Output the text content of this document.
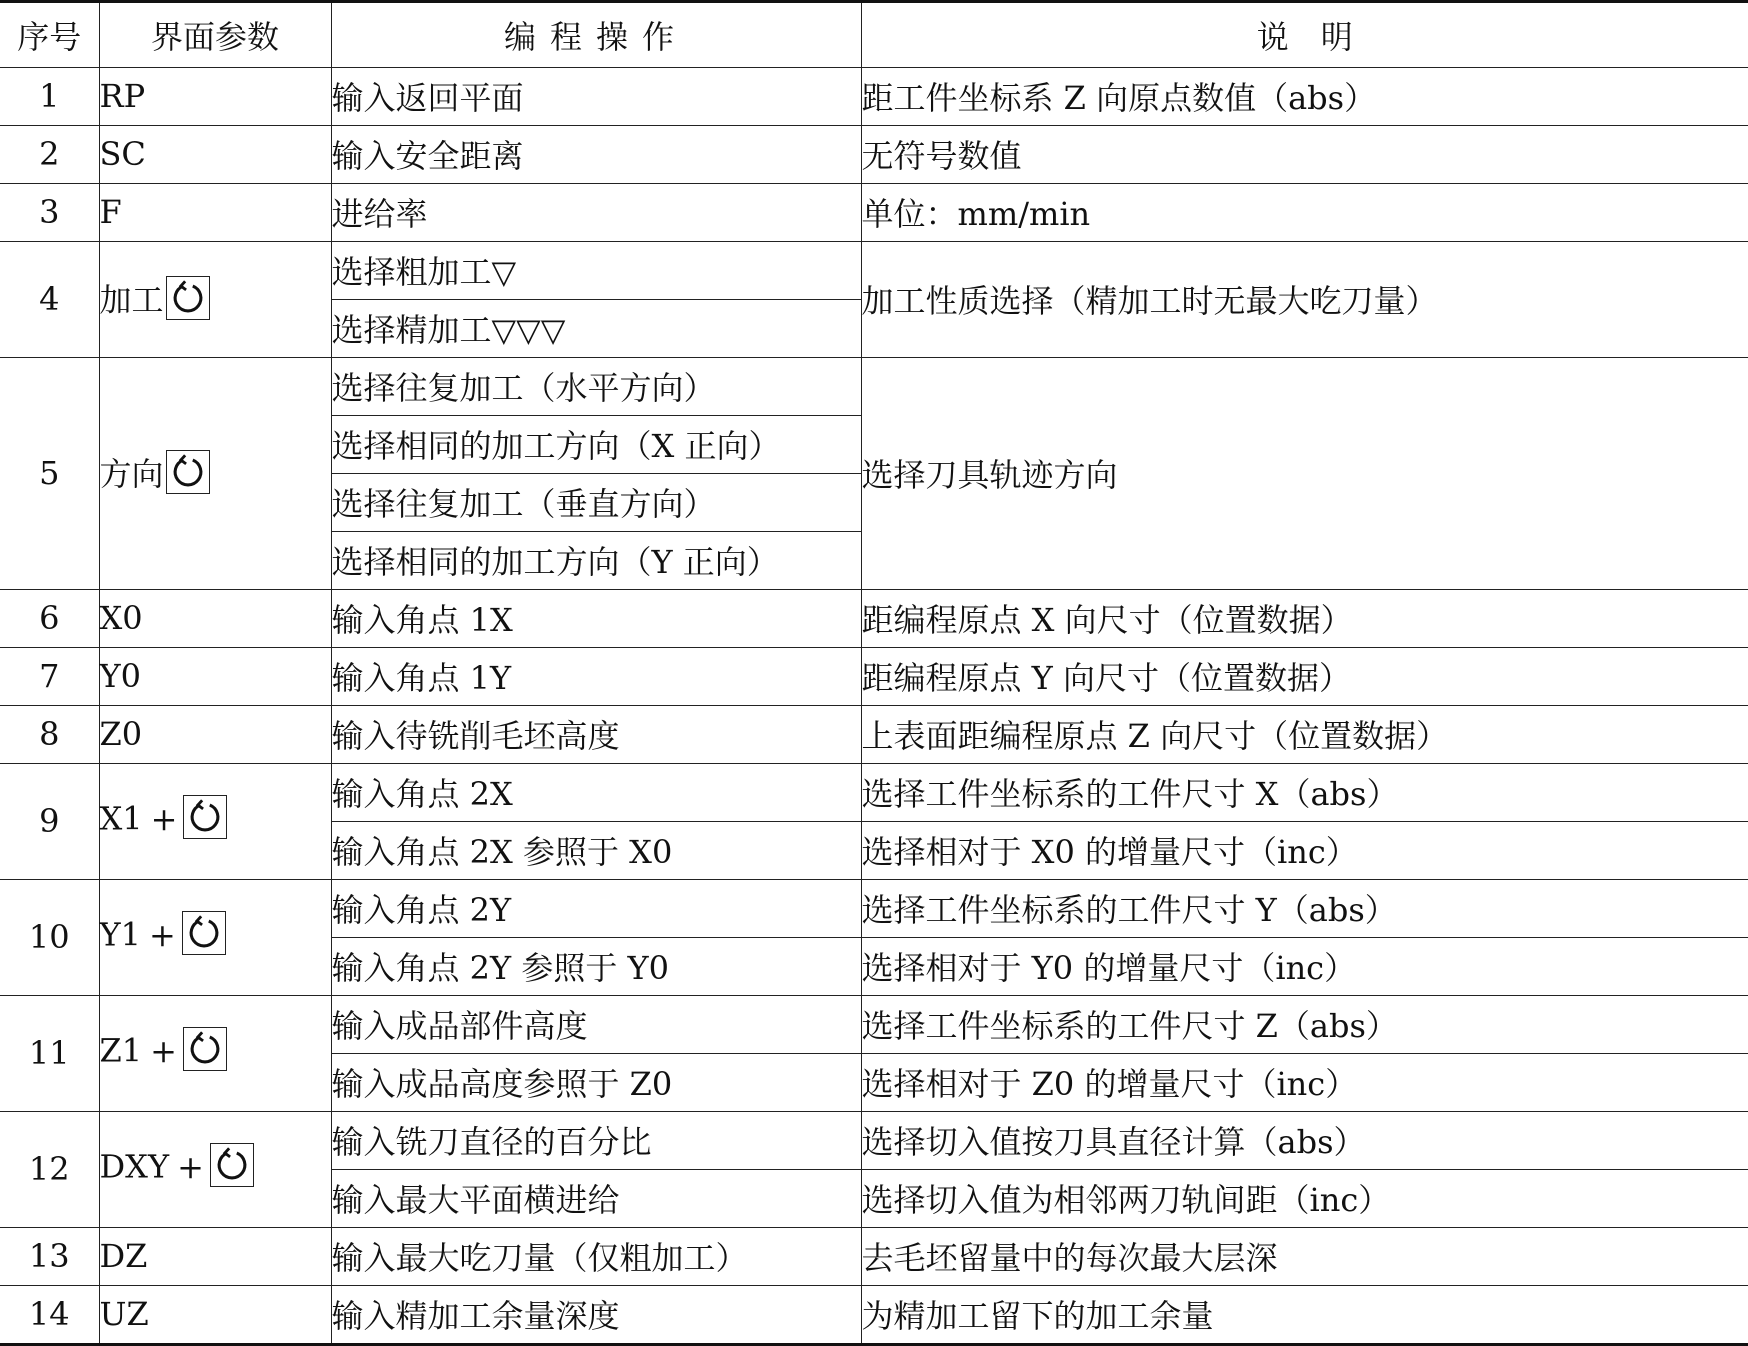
序号	界面参数	编程操作	说　明
1	RP	输入返回平面	距工件坐标系 Z 向原点数值（abs）
2	SC	输入安全距离	无符号数值
3	F	进给率	单位：mm/min
4	加工	选择粗加工▽	加工性质选择（精加工时无最大吃刀量）
		选择精加工▽▽▽	
5	方向	选择往复加工（水平方向）	选择刀具轨迹方向
		选择相同的加工方向（X 正向）	
		选择往复加工（垂直方向）	
		选择相同的加工方向（Y 正向）	
6	X0	输入角点 1X	距编程原点 X 向尺寸（位置数据）
7	Y0	输入角点 1Y	距编程原点 Y 向尺寸（位置数据）
8	Z0	输入待铣削毛坯高度	上表面距编程原点 Z 向尺寸（位置数据）
9	X1 +	输入角点 2X	选择工件坐标系的工件尺寸 X（abs）
		输入角点 2X 参照于 X0	选择相对于 X0 的增量尺寸（inc）
10	Y1 +	输入角点 2Y	选择工件坐标系的工件尺寸 Y（abs）
		输入角点 2Y 参照于 Y0	选择相对于 Y0 的增量尺寸（inc）
11	Z1 +	输入成品部件高度	选择工件坐标系的工件尺寸 Z（abs）
		输入成品高度参照于 Z0	选择相对于 Z0 的增量尺寸（inc）
12	DXY +	输入铣刀直径的百分比	选择切入值按刀具直径计算（abs）
		输入最大平面横进给	选择切入值为相邻两刀轨间距（inc）
13	DZ	输入最大吃刀量（仅粗加工）	去毛坯留量中的每次最大层深
14	UZ	输入精加工余量深度	为精加工留下的加工余量
